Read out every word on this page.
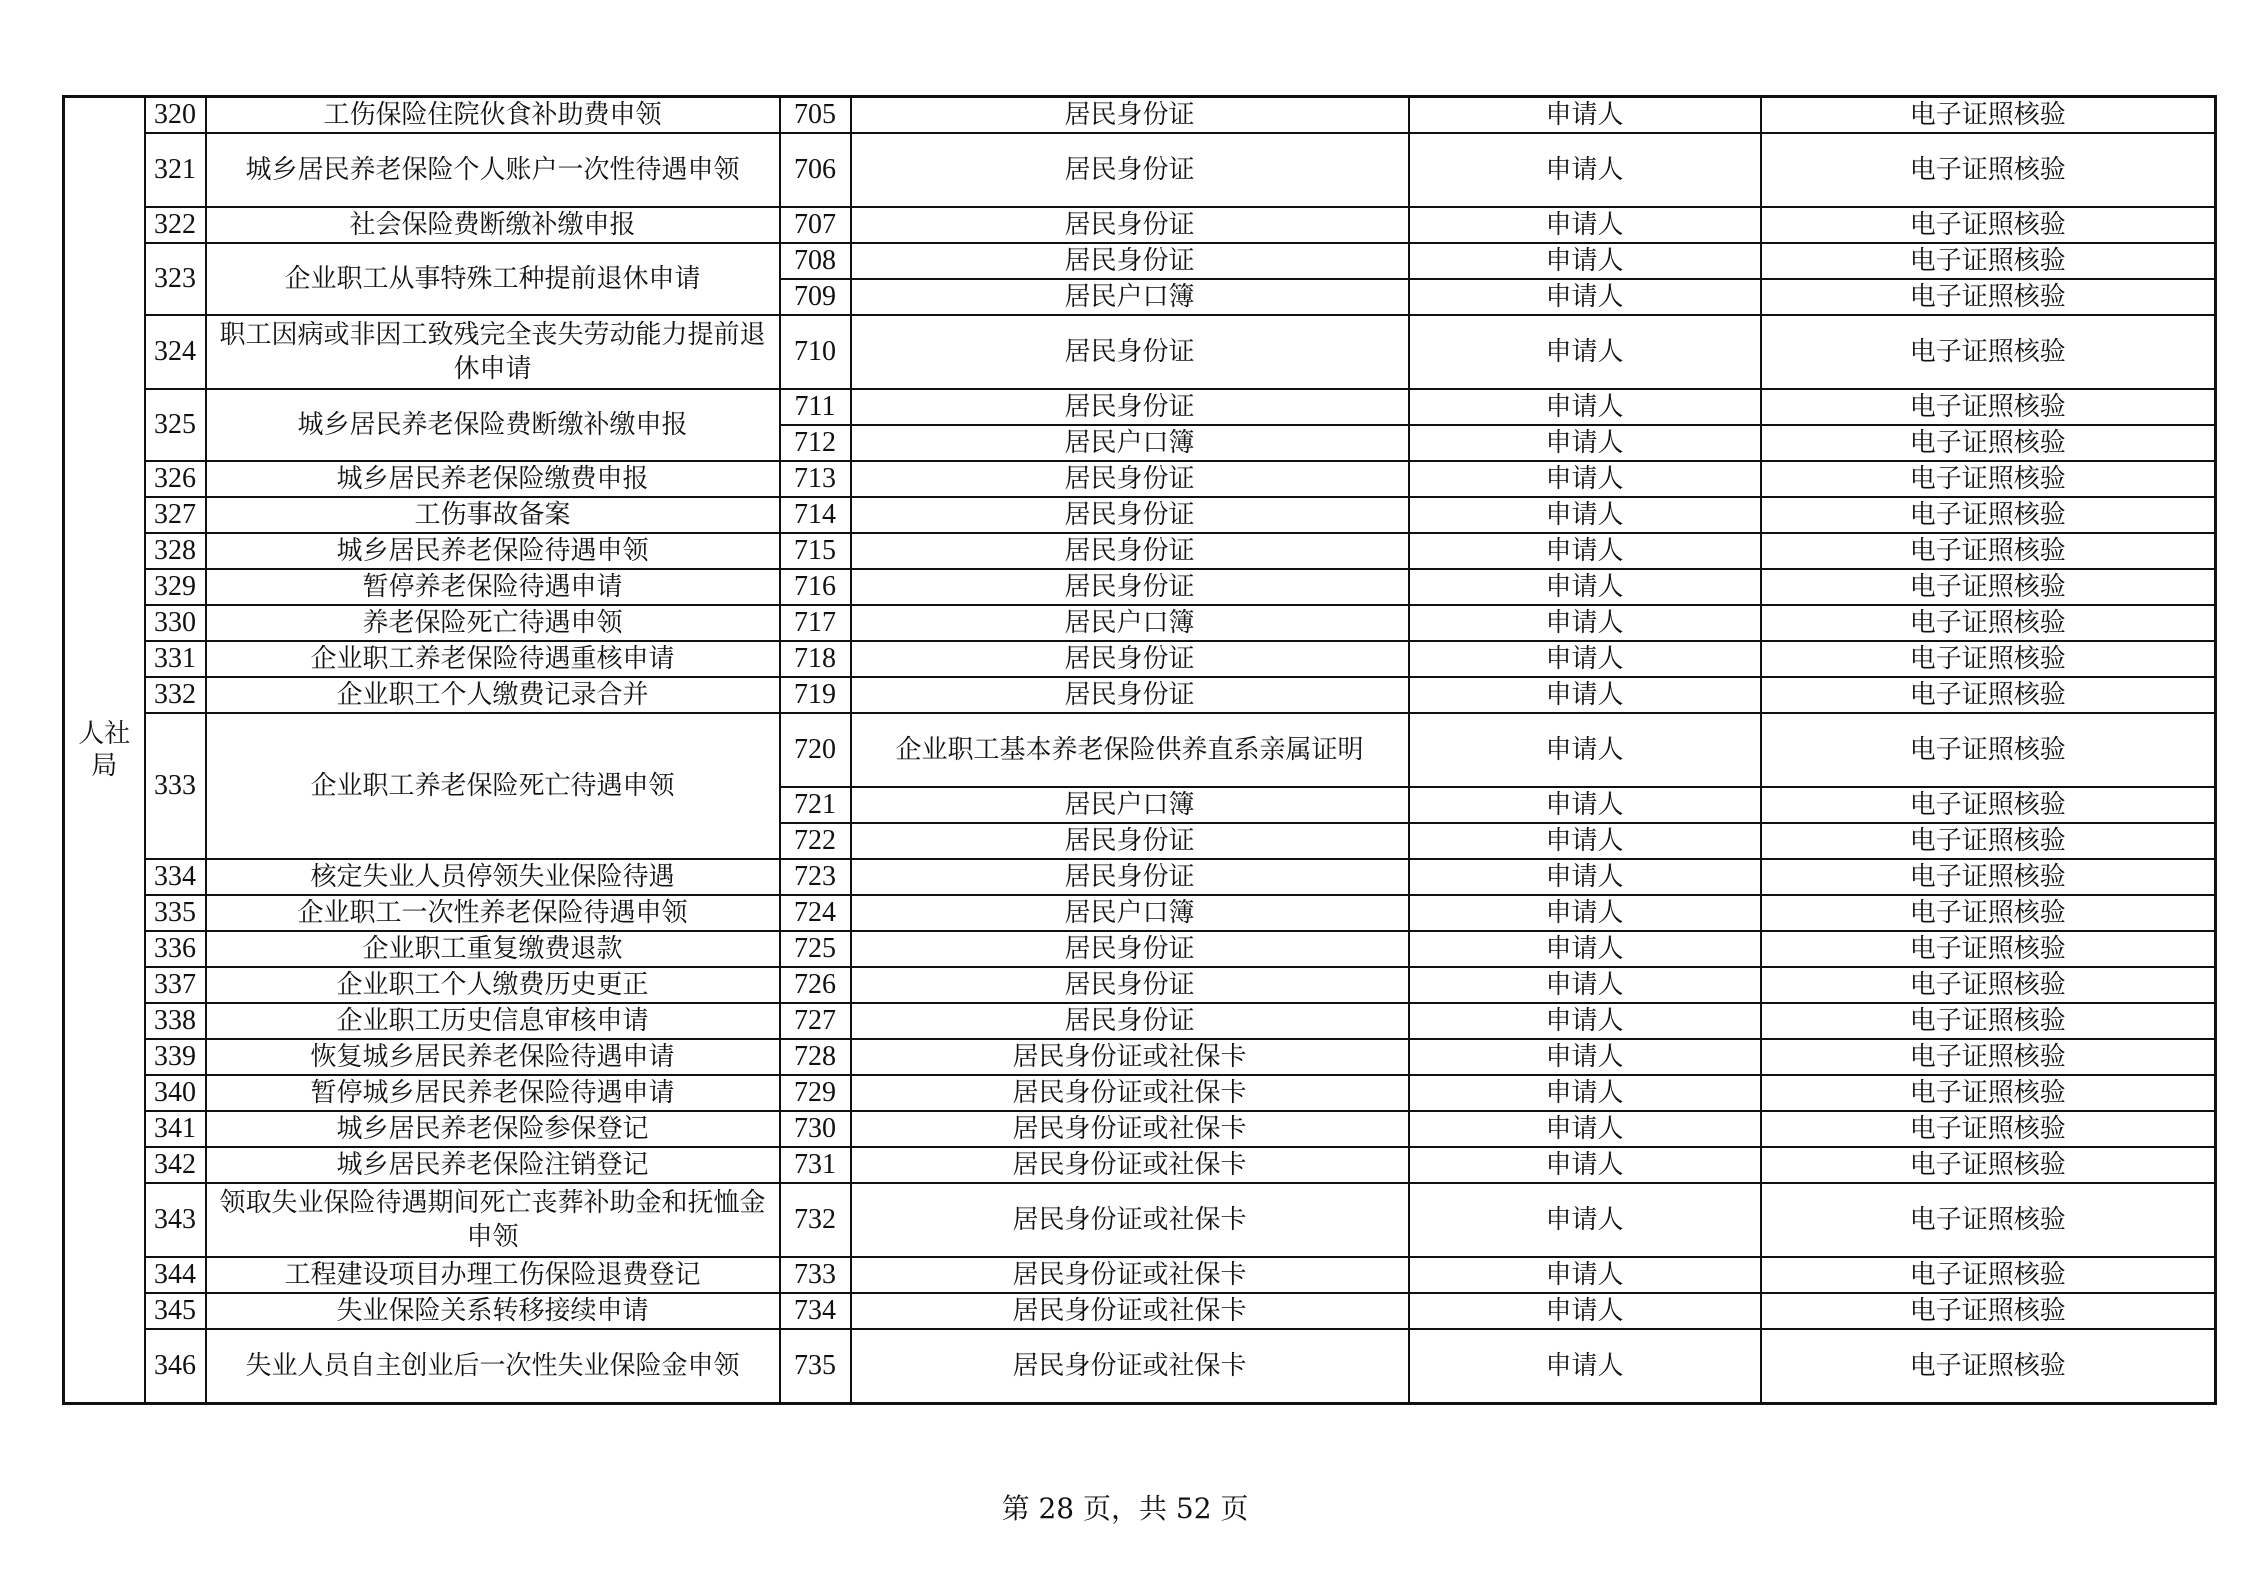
人社局	320	工伤保险住院伙食补助费申领	705	居民身份证	申请人	电子证照核验
	321	城乡居民养老保险个人账户一次性待遇申领	706	居民身份证	申请人	电子证照核验
	322	社会保险费断缴补缴申报	707	居民身份证	申请人	电子证照核验
	323	企业职工从事特殊工种提前退休申请	708	居民身份证	申请人	电子证照核验
			709	居民户口簿	申请人	电子证照核验
	324	职工因病或非因工致残完全丧失劳动能力提前退休申请	710	居民身份证	申请人	电子证照核验
	325	城乡居民养老保险费断缴补缴申报	711	居民身份证	申请人	电子证照核验
			712	居民户口簿	申请人	电子证照核验
	326	城乡居民养老保险缴费申报	713	居民身份证	申请人	电子证照核验
	327	工伤事故备案	714	居民身份证	申请人	电子证照核验
	328	城乡居民养老保险待遇申领	715	居民身份证	申请人	电子证照核验
	329	暂停养老保险待遇申请	716	居民身份证	申请人	电子证照核验
	330	养老保险死亡待遇申领	717	居民户口簿	申请人	电子证照核验
	331	企业职工养老保险待遇重核申请	718	居民身份证	申请人	电子证照核验
	332	企业职工个人缴费记录合并	719	居民身份证	申请人	电子证照核验
	333	企业职工养老保险死亡待遇申领	720	企业职工基本养老保险供养直系亲属证明	申请人	电子证照核验
			721	居民户口簿	申请人	电子证照核验
			722	居民身份证	申请人	电子证照核验
	334	核定失业人员停领失业保险待遇	723	居民身份证	申请人	电子证照核验
	335	企业职工一次性养老保险待遇申领	724	居民户口簿	申请人	电子证照核验
	336	企业职工重复缴费退款	725	居民身份证	申请人	电子证照核验
	337	企业职工个人缴费历史更正	726	居民身份证	申请人	电子证照核验
	338	企业职工历史信息审核申请	727	居民身份证	申请人	电子证照核验
	339	恢复城乡居民养老保险待遇申请	728	居民身份证或社保卡	申请人	电子证照核验
	340	暂停城乡居民养老保险待遇申请	729	居民身份证或社保卡	申请人	电子证照核验
	341	城乡居民养老保险参保登记	730	居民身份证或社保卡	申请人	电子证照核验
	342	城乡居民养老保险注销登记	731	居民身份证或社保卡	申请人	电子证照核验
	343	领取失业保险待遇期间死亡丧葬补助金和抚恤金申领	732	居民身份证或社保卡	申请人	电子证照核验
	344	工程建设项目办理工伤保险退费登记	733	居民身份证或社保卡	申请人	电子证照核验
	345	失业保险关系转移接续申请	734	居民身份证或社保卡	申请人	电子证照核验
	346	失业人员自主创业后一次性失业保险金申领	735	居民身份证或社保卡	申请人	电子证照核验
第 28 页，共 52 页
